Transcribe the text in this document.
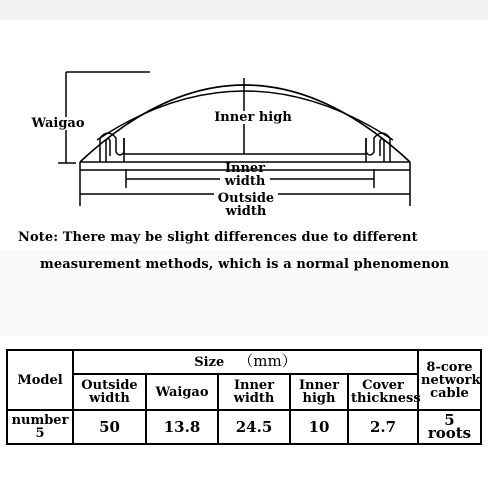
Waigao	Inner high
Inner
width
Outside
width
Note: There may be slight differences due to different
measurement methods, which is a normal phenomenon
Model	Size （mm）					8-core network cable
	Outside width	Waigao	Inner width	Inner high	Cover thickness	
number 5	50	13.8	24.5	10	2.7	5 roots
